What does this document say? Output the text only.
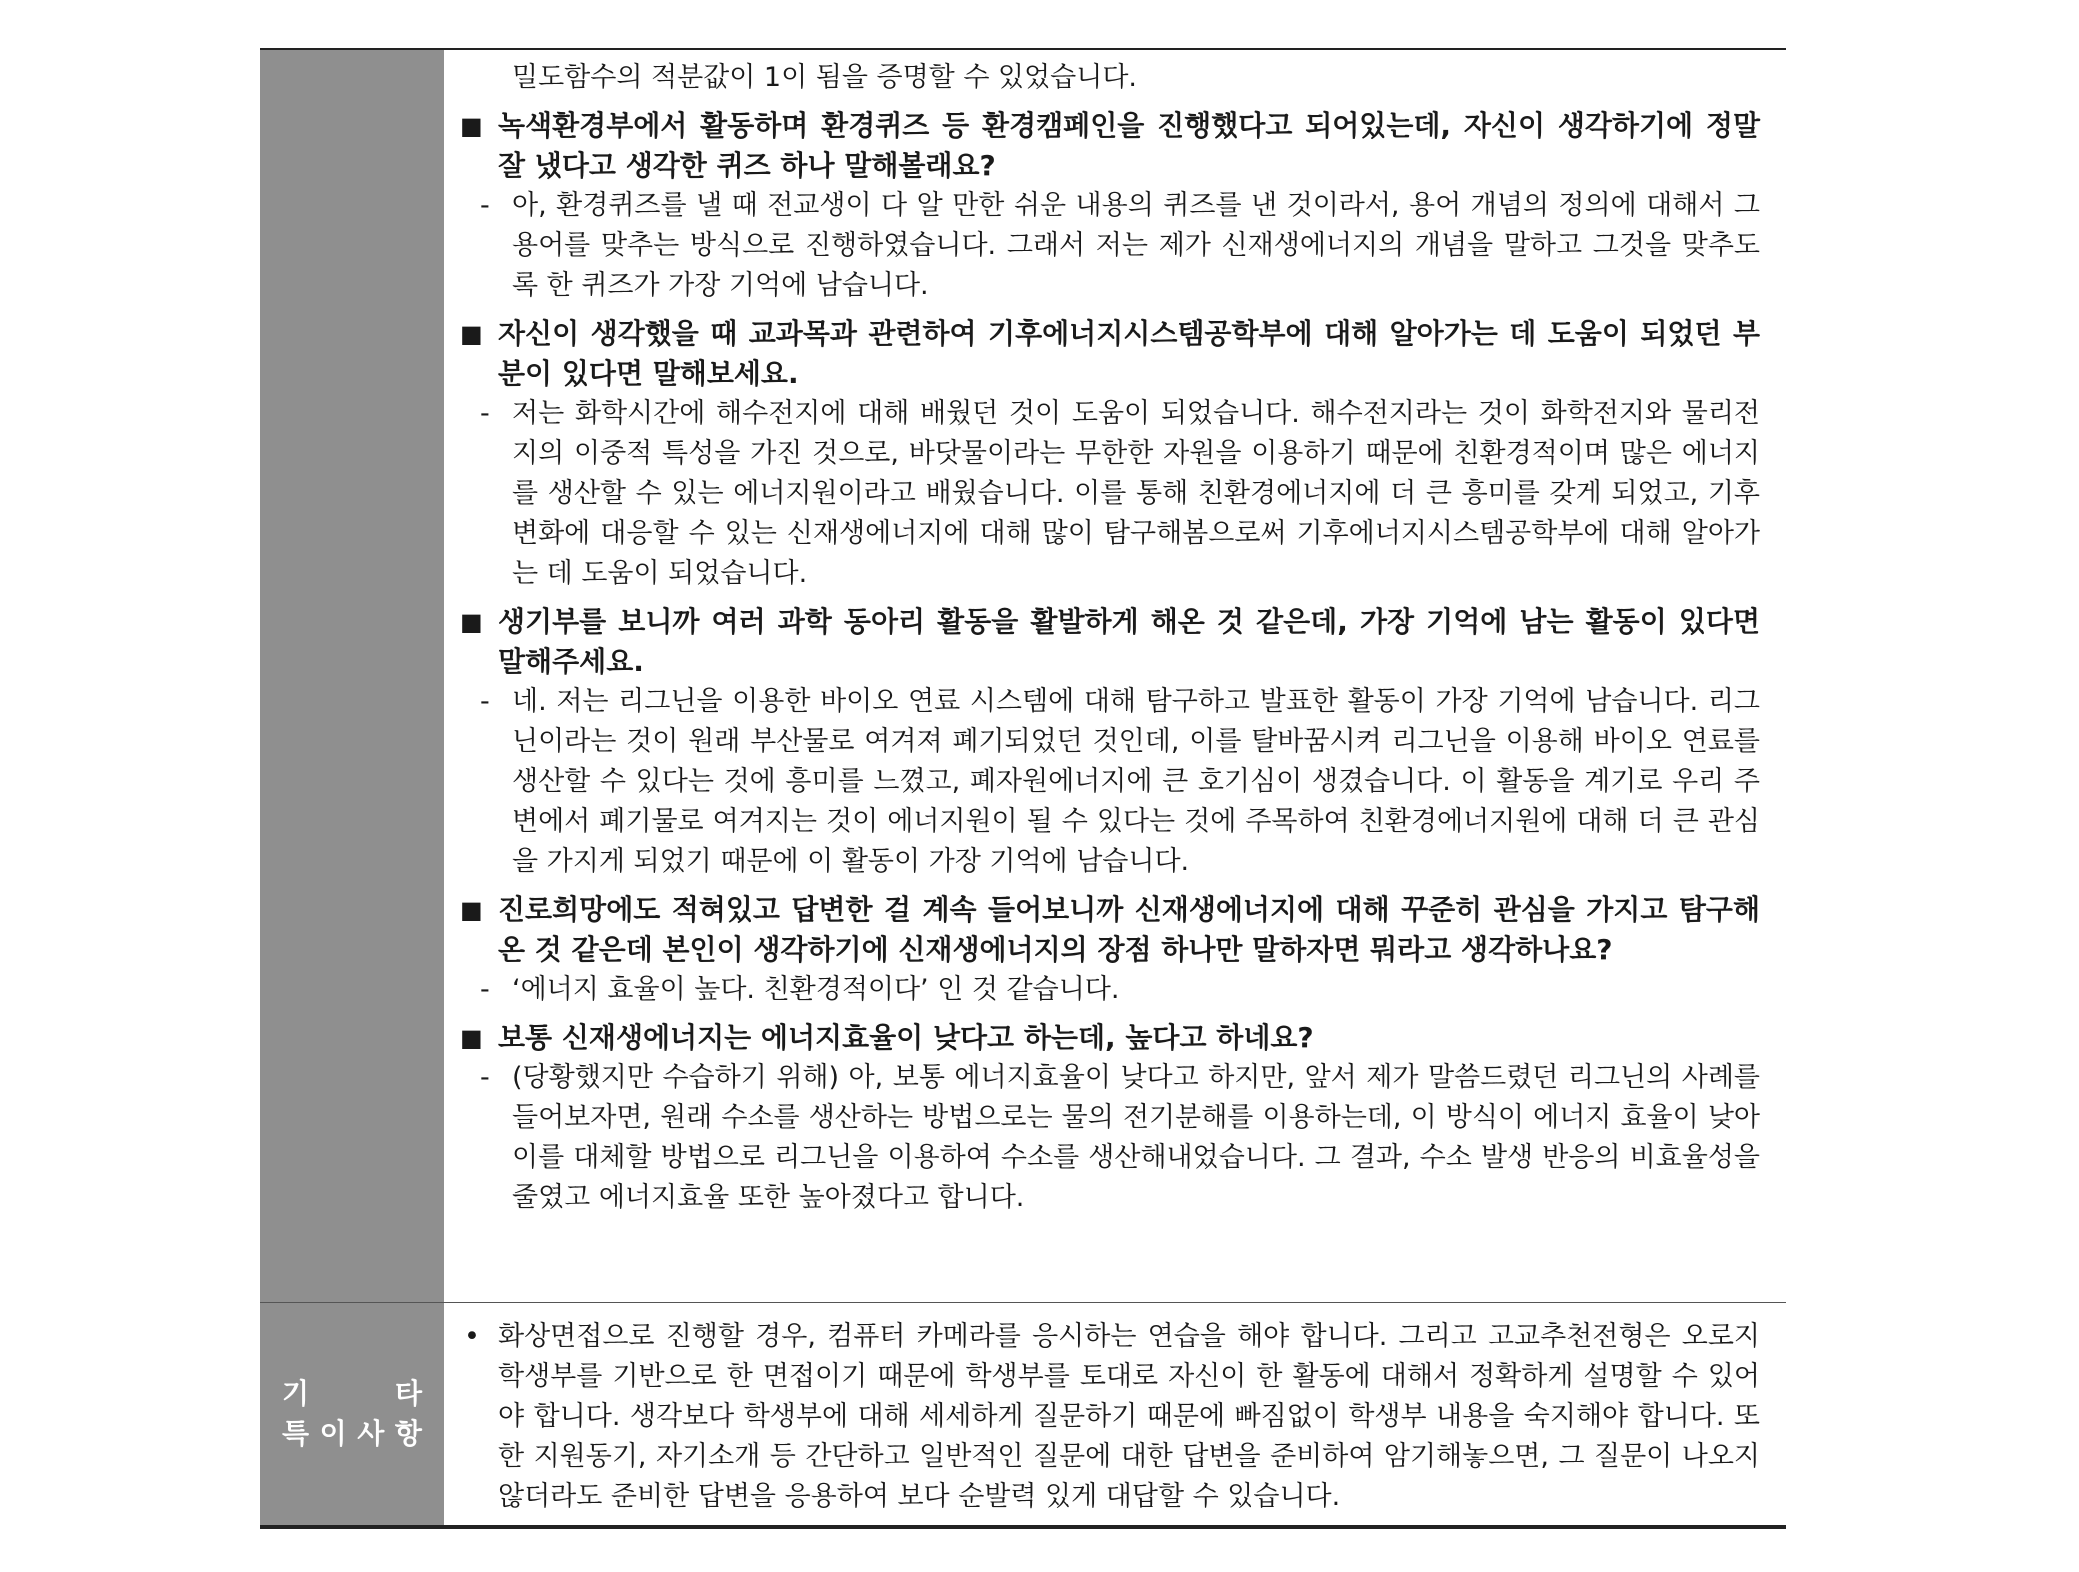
밀도함수의 적분값이 1이 됨을 증명할 수 있었습니다.
■ 녹색환경부에서 활동하며 환경퀴즈 등 환경캠페인을 진행했다고 되어있는데, 자신이 생각하기에 정말 잘 냈다고 생각한 퀴즈 하나 말해볼래요?
- 아, 환경퀴즈를 낼 때 전교생이 다 알 만한 쉬운 내용의 퀴즈를 낸 것이라서, 용어 개념의 정의에 대해서 그 용어를 맞추는 방식으로 진행하였습니다. 그래서 저는 제가 신재생에너지의 개념을 말하고 그것을 맞추도록 한 퀴즈가 가장 기억에 남습니다.
■ 자신이 생각했을 때 교과목과 관련하여 기후에너지시스템공학부에 대해 알아가는 데 도움이 되었던 부분이 있다면 말해보세요.
- 저는 화학시간에 해수전지에 대해 배웠던 것이 도움이 되었습니다. 해수전지라는 것이 화학전지와 물리전지의 이중적 특성을 가진 것으로, 바닷물이라는 무한한 자원을 이용하기 때문에 친환경적이며 많은 에너지를 생산할 수 있는 에너지원이라고 배웠습니다. 이를 통해 친환경에너지에 더 큰 흥미를 갖게 되었고, 기후변화에 대응할 수 있는 신재생에너지에 대해 많이 탐구해봄으로써 기후에너지시스템공학부에 대해 알아가는 데 도움이 되었습니다.
■ 생기부를 보니까 여러 과학 동아리 활동을 활발하게 해온 것 같은데, 가장 기억에 남는 활동이 있다면 말해주세요.
- 네. 저는 리그닌을 이용한 바이오 연료 시스템에 대해 탐구하고 발표한 활동이 가장 기억에 남습니다. 리그닌이라는 것이 원래 부산물로 여겨져 폐기되었던 것인데, 이를 탈바꿈시켜 리그닌을 이용해 바이오 연료를 생산할 수 있다는 것에 흥미를 느꼈고, 폐자원에너지에 큰 호기심이 생겼습니다. 이 활동을 계기로 우리 주변에서 폐기물로 여겨지는 것이 에너지원이 될 수 있다는 것에 주목하여 친환경에너지원에 대해 더 큰 관심을 가지게 되었기 때문에 이 활동이 가장 기억에 남습니다.
■ 진로희망에도 적혀있고 답변한 걸 계속 들어보니까 신재생에너지에 대해 꾸준히 관심을 가지고 탐구해온 것 같은데 본인이 생각하기에 신재생에너지의 장점 하나만 말하자면 뭐라고 생각하나요?
- ‘에너지 효율이 높다. 친환경적이다’ 인 것 같습니다.
■ 보통 신재생에너지는 에너지효율이 낮다고 하는데, 높다고 하네요?
- (당황했지만 수습하기 위해) 아, 보통 에너지효율이 낮다고 하지만, 앞서 제가 말씀드렸던 리그닌의 사례를 들어보자면, 원래 수소를 생산하는 방법으로는 물의 전기분해를 이용하는데, 이 방식이 에너지 효율이 낮아 이를 대체할 방법으로 리그닌을 이용하여 수소를 생산해내었습니다. 그 결과, 수소 발생 반응의 비효율성을 줄였고 에너지효율 또한 높아졌다고 합니다.
기	타
특 이 사 항
• 화상면접으로 진행할 경우, 컴퓨터 카메라를 응시하는 연습을 해야 합니다. 그리고 고교추천전형은 오로지 학생부를 기반으로 한 면접이기 때문에 학생부를 토대로 자신이 한 활동에 대해서 정확하게 설명할 수 있어야 합니다. 생각보다 학생부에 대해 세세하게 질문하기 때문에 빠짐없이 학생부 내용을 숙지해야 합니다. 또한 지원동기, 자기소개 등 간단하고 일반적인 질문에 대한 답변을 준비하여 암기해놓으면, 그 질문이 나오지 않더라도 준비한 답변을 응용하여 보다 순발력 있게 대답할 수 있습니다.
